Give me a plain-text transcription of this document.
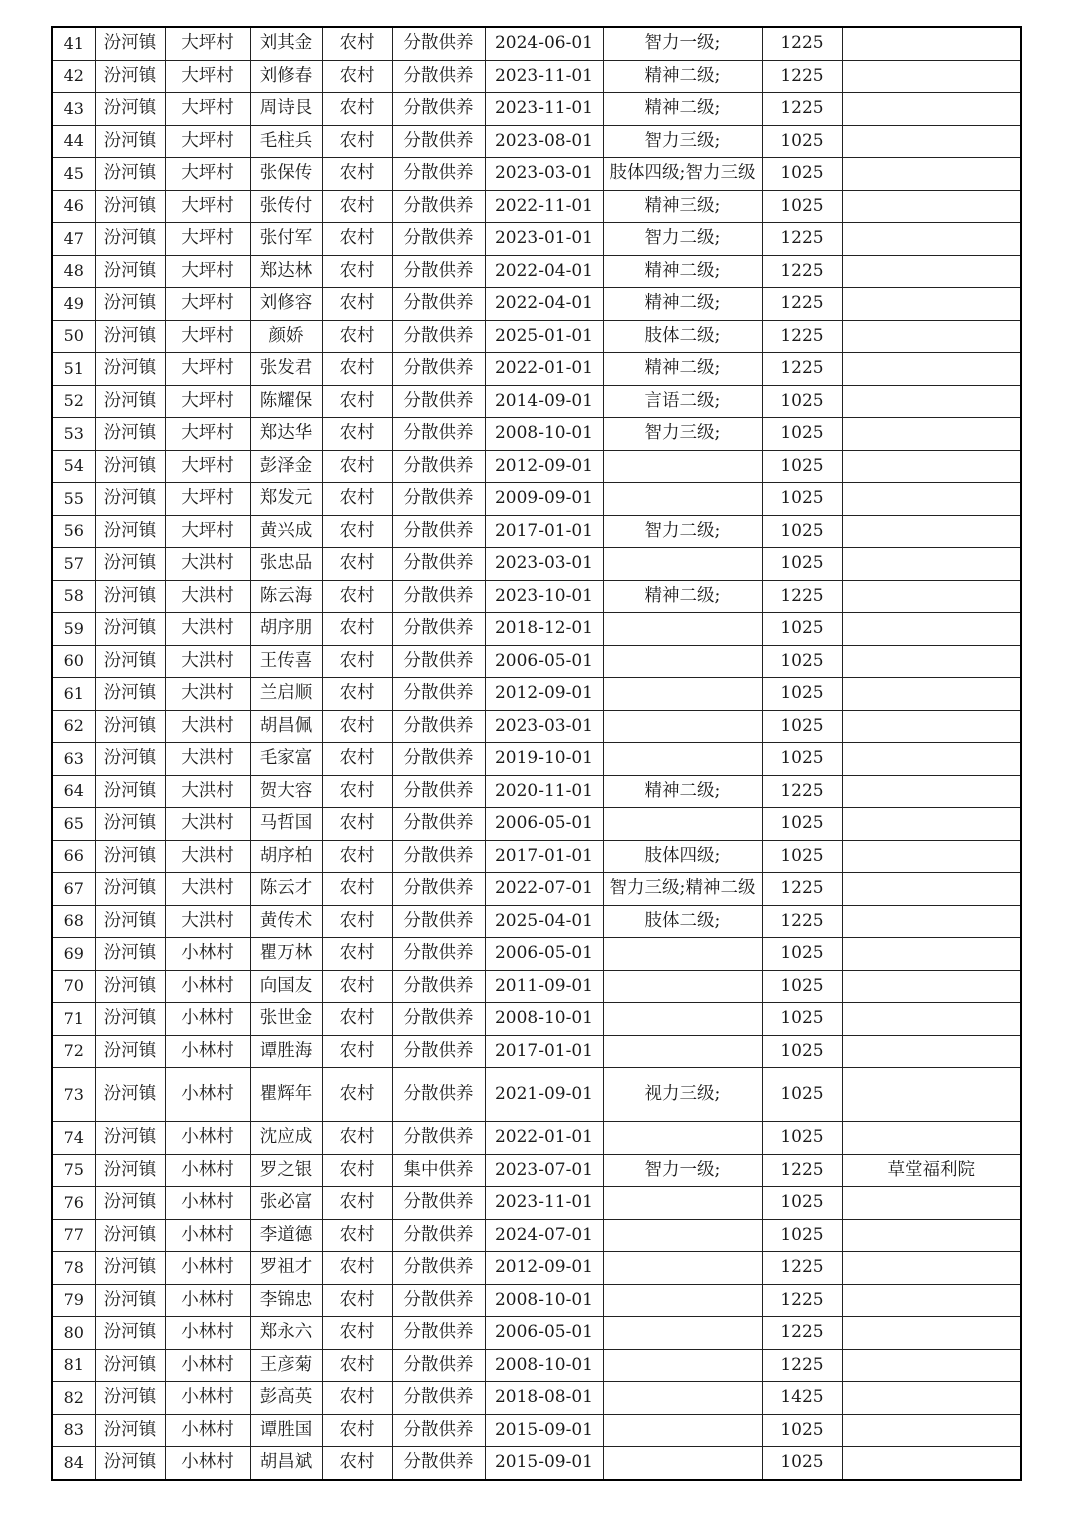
41	汾河镇	大坪村	刘其金	农村	分散供养	2024-06-01	智力一级;	1225	
42	汾河镇	大坪村	刘修春	农村	分散供养	2023-11-01	精神二级;	1225	
43	汾河镇	大坪村	周诗艮	农村	分散供养	2023-11-01	精神二级;	1225	
44	汾河镇	大坪村	毛柱兵	农村	分散供养	2023-08-01	智力三级;	1025	
45	汾河镇	大坪村	张保传	农村	分散供养	2023-03-01	肢体四级;智力三级	1025	
46	汾河镇	大坪村	张传付	农村	分散供养	2022-11-01	精神三级;	1025	
47	汾河镇	大坪村	张付军	农村	分散供养	2023-01-01	智力二级;	1225	
48	汾河镇	大坪村	郑达林	农村	分散供养	2022-04-01	精神二级;	1225	
49	汾河镇	大坪村	刘修容	农村	分散供养	2022-04-01	精神二级;	1225	
50	汾河镇	大坪村	颜娇	农村	分散供养	2025-01-01	肢体二级;	1225	
51	汾河镇	大坪村	张发君	农村	分散供养	2022-01-01	精神二级;	1225	
52	汾河镇	大坪村	陈耀保	农村	分散供养	2014-09-01	言语二级;	1025	
53	汾河镇	大坪村	郑达华	农村	分散供养	2008-10-01	智力三级;	1025	
54	汾河镇	大坪村	彭泽金	农村	分散供养	2012-09-01		1025	
55	汾河镇	大坪村	郑发元	农村	分散供养	2009-09-01		1025	
56	汾河镇	大坪村	黄兴成	农村	分散供养	2017-01-01	智力二级;	1025	
57	汾河镇	大洪村	张忠品	农村	分散供养	2023-03-01		1025	
58	汾河镇	大洪村	陈云海	农村	分散供养	2023-10-01	精神二级;	1225	
59	汾河镇	大洪村	胡序朋	农村	分散供养	2018-12-01		1025	
60	汾河镇	大洪村	王传喜	农村	分散供养	2006-05-01		1025	
61	汾河镇	大洪村	兰启顺	农村	分散供养	2012-09-01		1025	
62	汾河镇	大洪村	胡昌佩	农村	分散供养	2023-03-01		1025	
63	汾河镇	大洪村	毛家富	农村	分散供养	2019-10-01		1025	
64	汾河镇	大洪村	贺大容	农村	分散供养	2020-11-01	精神二级;	1225	
65	汾河镇	大洪村	马哲国	农村	分散供养	2006-05-01		1025	
66	汾河镇	大洪村	胡序柏	农村	分散供养	2017-01-01	肢体四级;	1025	
67	汾河镇	大洪村	陈云才	农村	分散供养	2022-07-01	智力三级;精神二级	1225	
68	汾河镇	大洪村	黄传术	农村	分散供养	2025-04-01	肢体二级;	1225	
69	汾河镇	小林村	瞿万林	农村	分散供养	2006-05-01		1025	
70	汾河镇	小林村	向国友	农村	分散供养	2011-09-01		1025	
71	汾河镇	小林村	张世金	农村	分散供养	2008-10-01		1025	
72	汾河镇	小林村	谭胜海	农村	分散供养	2017-01-01		1025	
73	汾河镇	小林村	瞿辉年	农村	分散供养	2021-09-01	视力三级;	1025	
74	汾河镇	小林村	沈应成	农村	分散供养	2022-01-01		1025	
75	汾河镇	小林村	罗之银	农村	集中供养	2023-07-01	智力一级;	1225	草堂福利院
76	汾河镇	小林村	张必富	农村	分散供养	2023-11-01		1025	
77	汾河镇	小林村	李道德	农村	分散供养	2024-07-01		1025	
78	汾河镇	小林村	罗祖才	农村	分散供养	2012-09-01		1225	
79	汾河镇	小林村	李锦忠	农村	分散供养	2008-10-01		1225	
80	汾河镇	小林村	郑永六	农村	分散供养	2006-05-01		1225	
81	汾河镇	小林村	王彦菊	农村	分散供养	2008-10-01		1225	
82	汾河镇	小林村	彭高英	农村	分散供养	2018-08-01		1425	
83	汾河镇	小林村	谭胜国	农村	分散供养	2015-09-01		1025	
84	汾河镇	小林村	胡昌斌	农村	分散供养	2015-09-01		1025	
